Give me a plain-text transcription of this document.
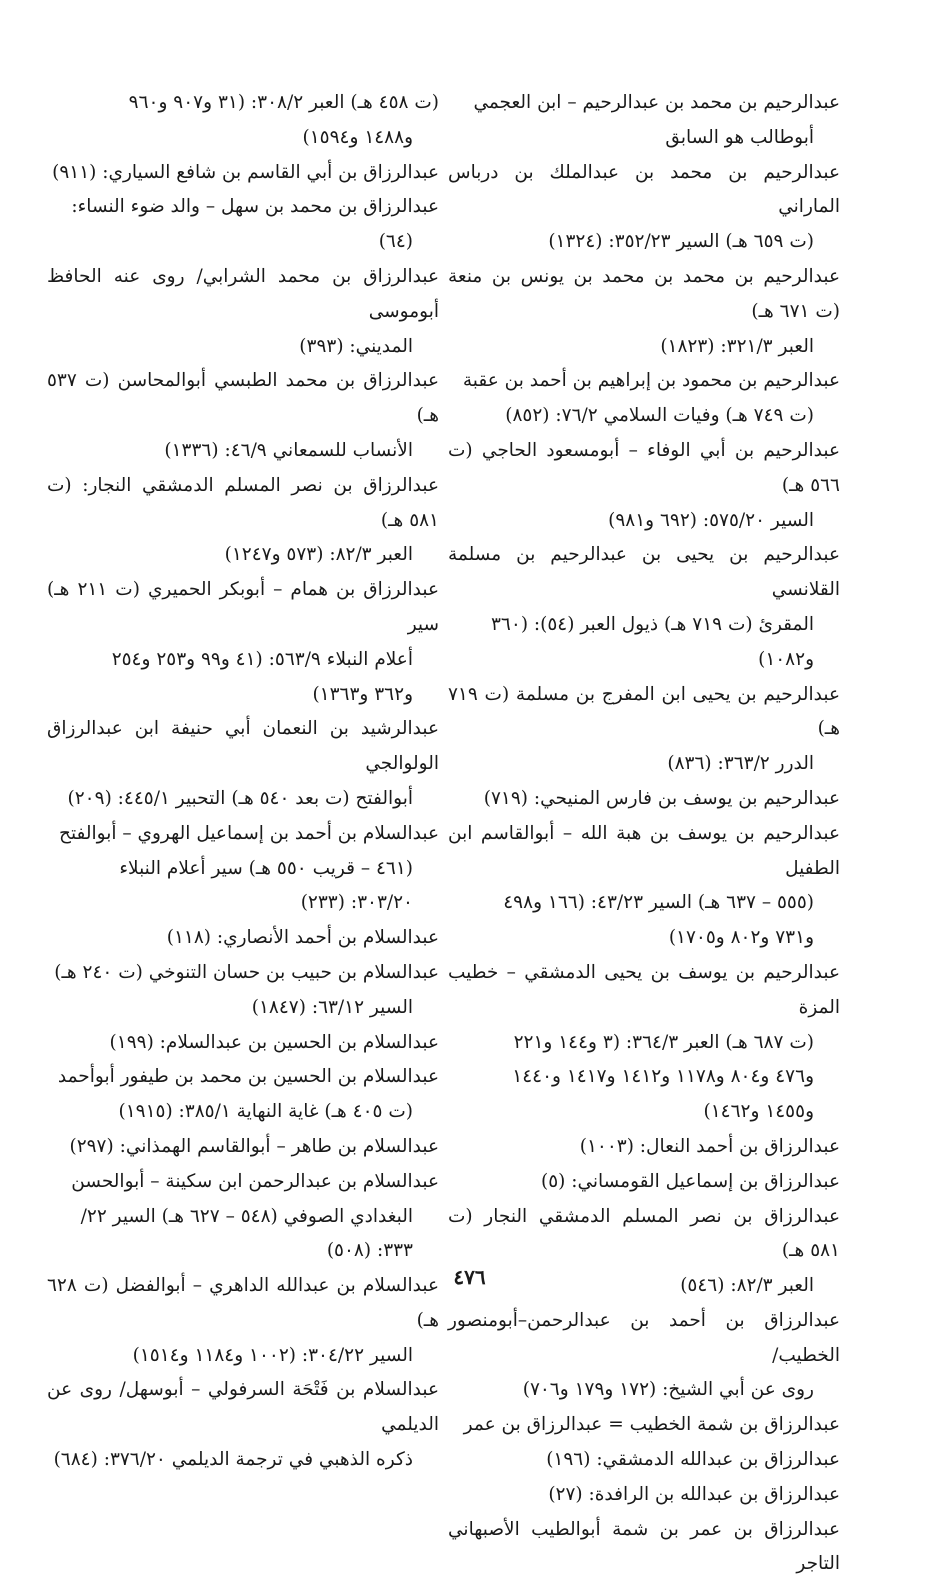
عبدالرحيم بن محمد بن عبدالرحيم – ابن العجمي
أبوطالب هو السابق
عبدالرحيم بن محمد بن عبدالملك بن درباس الماراني
(ت ٦٥٩ هـ) السير ٣٥٢/٢٣: (١٣٢٤)
عبدالرحيم بن محمد بن محمد بن يونس بن منعة (ت ٦٧١ هـ)
العبر ٣٢١/٣: (١٨٢٣)
عبدالرحيم بن محمود بن إبراهيم بن أحمد بن عقبة
(ت ٧٤٩ هـ) وفيات السلامي ٧٦/٢: (٨٥٢)
عبدالرحيم بن أبي الوفاء – أبومسعود الحاجي (ت ٥٦٦ هـ)
السير ٥٧٥/٢٠: (٦٩٢ و٩٨١)
عبدالرحيم بن يحيى بن عبدالرحيم بن مسلمة القلانسي
المقرئ (ت ٧١٩ هـ) ذيول العبر (٥٤): (٣٦٠
و١٠٨٢)
عبدالرحيم بن يحيى ابن المفرج بن مسلمة (ت ٧١٩ هـ)
الدرر ٣٦٣/٢: (٨٣٦)
عبدالرحيم بن يوسف بن فارس المنيحي: (٧١٩)
عبدالرحيم بن يوسف بن هبة الله – أبوالقاسم ابن الطفيل
(٥٥٥ – ٦٣٧ هـ) السير ٤٣/٢٣: (١٦٦ و٤٩٨
و٧٣١ و٨٠٢ و١٧٠٥)
عبدالرحيم بن يوسف بن يحيى الدمشقي – خطيب المزة
(ت ٦٨٧ هـ) العبر ٣٦٤/٣: (٣ و١٤٤ و٢٢١
و٤٧٦ و٨٠٤ و١١٧٨ و١٤١٢ و١٤١٧ و١٤٤٠
و١٤٥٥ و١٤٦٢)
عبدالرزاق بن أحمد النعال: (١٠٠٣)
عبدالرزاق بن إسماعيل القومساني: (٥)
عبدالرزاق بن نصر المسلم الدمشقي النجار (ت ٥٨١ هـ)
العبر ٨٢/٣: (٥٤٦)
عبدالرزاق بن أحمد بن عبدالرحمن–أبومنصور الخطيب/
روى عن أبي الشيخ: (١٧٢ و١٧٩ و٧٠٦)
عبدالرزاق بن شمة الخطيب = عبدالرزاق بن عمر
عبدالرزاق بن عبدالله الدمشقي: (١٩٦)
عبدالرزاق بن عبدالله بن الرافدة: (٢٧)
عبدالرزاق بن عمر بن شمة أبوالطيب الأصبهاني التاجر
(ت ٤٥٨ هـ) العبر ٣٠٨/٢: (٣١ و٩٠٧ و٩٦٠
و١٤٨٨ و١٥٩٤)
عبدالرزاق بن أبي القاسم بن شافع السياري: (٩١١)
عبدالرزاق بن محمد بن سهل – والد ضوء النساء:
(٦٤)
عبدالرزاق بن محمد الشرابي/ روى عنه الحافظ أبوموسى
المديني: (٣٩٣)
عبدالرزاق بن محمد الطبسي أبوالمحاسن (ت ٥٣٧ هـ)
الأنساب للسمعاني ٤٦/٩: (١٣٣٦)
عبدالرزاق بن نصر المسلم الدمشقي النجار: (ت ٥٨١ هـ)
العبر ٨٢/٣: (٥٧٣ و١٢٤٧)
عبدالرزاق بن همام – أبوبكر الحميري (ت ٢١١ هـ) سير
أعلام النبلاء ٥٦٣/٩: (٤١ و٩٩ و٢٥٣ و٢٥٤
و٣٦٢ و١٣٦٣)
عبدالرشيد بن النعمان أبي حنيفة ابن عبدالرزاق الولوالجي
أبوالفتح (ت بعد ٥٤٠ هـ) التحبير ٤٤٥/١: (٢٠٩)
عبدالسلام بن أحمد بن إسماعيل الهروي – أبوالفتح
(٤٦١ – قريب ٥٥٠ هـ) سير أعلام النبلاء
٣٠٣/٢٠: (٢٣٣)
عبدالسلام بن أحمد الأنصاري: (١١٨)
عبدالسلام بن حبيب بن حسان التنوخي (ت ٢٤٠ هـ)
السير ٦٣/١٢: (١٨٤٧)
عبدالسلام بن الحسين بن عبدالسلام: (١٩٩)
عبدالسلام بن الحسين بن محمد بن طيفور أبوأحمد
(ت ٤٠٥ هـ) غاية النهاية ٣٨٥/١: (١٩١٥)
عبدالسلام بن طاهر – أبوالقاسم الهمذاني: (٢٩٧)
عبدالسلام بن عبدالرحمن ابن سكينة – أبوالحسن
البغدادي الصوفي (٥٤٨ – ٦٢٧ هـ) السير ٢٢/
٣٣٣: (٥٠٨)
عبدالسلام بن عبدالله الداهري – أبوالفضل (ت ٦٢٨ هـ)
السير ٣٠٤/٢٢: (١٠٠٢ و١١٨٤ و١٥١٤)
عبدالسلام بن فَتْحَة السرفولي – أبوسهل/ روى عن الديلمي
ذكره الذهبي في ترجمة الديلمي ٣٧٦/٢٠: (٦٨٤)
٤٧٦
